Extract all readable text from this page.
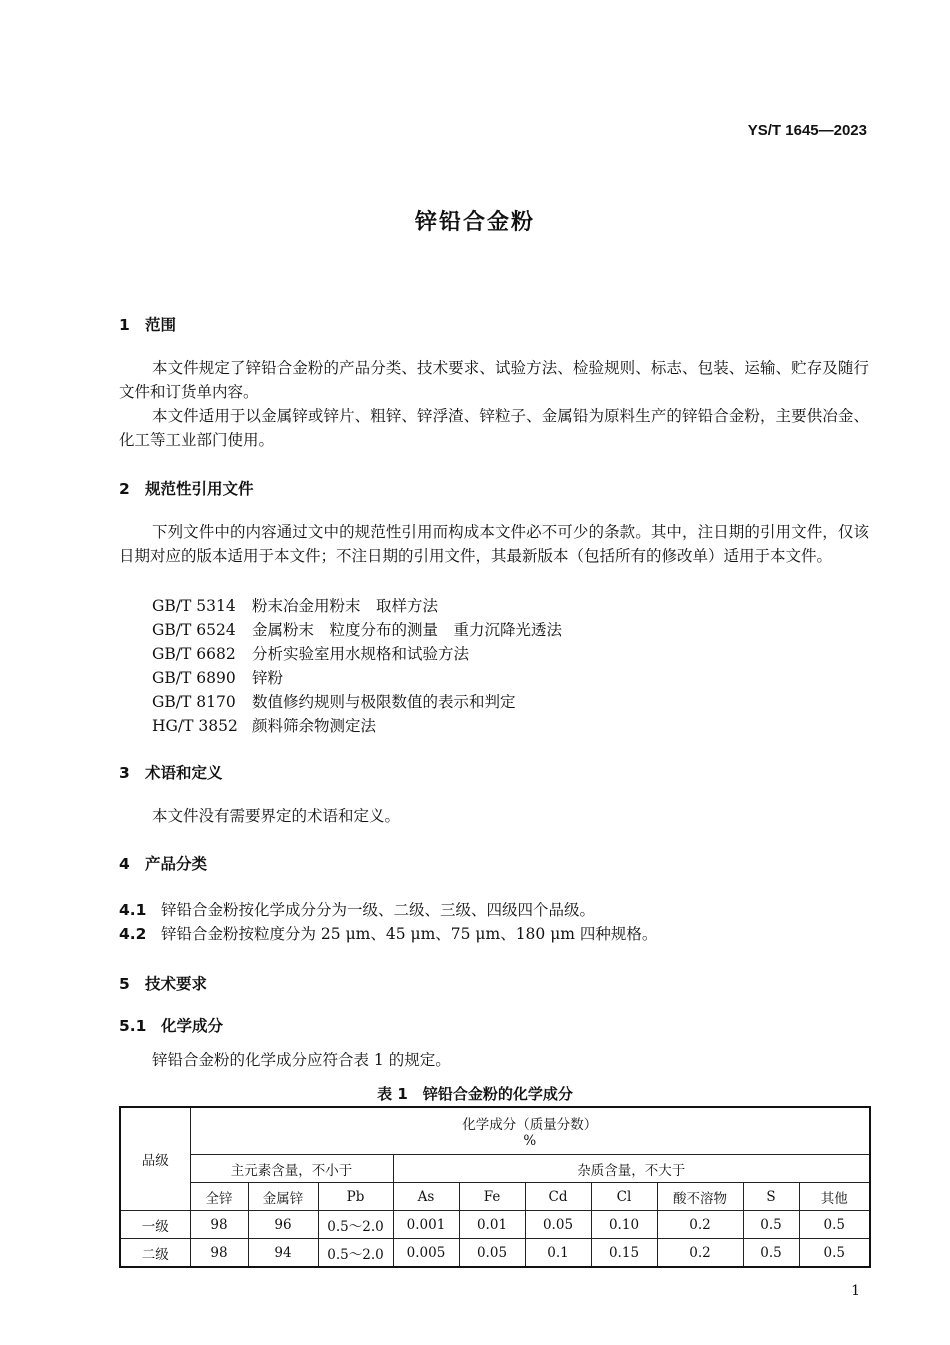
YS/T 1645—2023
锌铅合金粉
1 范围
本文件规定了锌铅合金粉的产品分类、技术要求、试验方法、检验规则、标志、包装、运输、贮存及随行文件和订货单内容。
本文件适用于以金属锌或锌片、粗锌、锌浮渣、锌粒子、金属铅为原料生产的锌铅合金粉，主要供冶金、化工等工业部门使用。
2 规范性引用文件
下列文件中的内容通过文中的规范性引用而构成本文件必不可少的条款。其中，注日期的引用文件，仅该日期对应的版本适用于本文件；不注日期的引用文件，其最新版本（包括所有的修改单）适用于本文件。
GB/T 5314 粉末冶金用粉末　取样方法
GB/T 6524 金属粉末　粒度分布的测量　重力沉降光透法
GB/T 6682 分析实验室用水规格和试验方法
GB/T 6890 锌粉
GB/T 8170 数值修约规则与极限数值的表示和判定
HG/T 3852 颜料筛余物测定法
3 术语和定义
本文件没有需要界定的术语和定义。
4 产品分类
4.1 锌铅合金粉按化学成分分为一级、二级、三级、四级四个品级。
4.2 锌铅合金粉按粒度分为 25 μm、45 μm、75 μm、180 μm 四种规格。
5 技术要求
5.1 化学成分
锌铅合金粉的化学成分应符合表 1 的规定。
表 1　锌铅合金粉的化学成分
品级	化学成分（质量分数）
%									

	主元素含量，不小于			杂质含量，不大于						
	全锌	金属锌	Pb	As	Fe	Cd	Cl	酸不溶物	S	其他
一级	98	96	0.5～2.0	0.001	0.01	0.05	0.10	0.2	0.5	0.5
二级	98	94	0.5～2.0	0.005	0.05	0.1	0.15	0.2	0.5	0.5
1
